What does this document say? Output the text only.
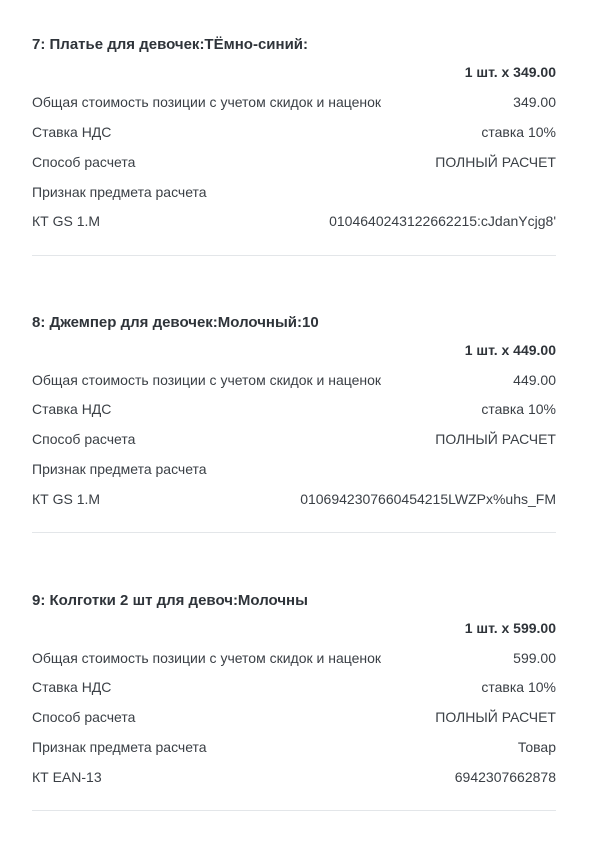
7: Платье для девочек:ТЁмно-синий:
1 шт. x 349.00
Общая стоимость позиции с учетом скидок и наценок	349.00
Ставка НДС	ставка 10%
Способ расчета	ПОЛНЫЙ РАСЧЕТ
Признак предмета расчета
КТ GS 1.M	0104640243122662215:cJdanYcjg8'
8: Джемпер для девочек:Молочный:10
1 шт. x 449.00
Общая стоимость позиции с учетом скидок и наценок	449.00
Ставка НДС	ставка 10%
Способ расчета	ПОЛНЫЙ РАСЧЕТ
Признак предмета расчета
КТ GS 1.M	0106942307660454215LWZPx%uhs_FM
9: Колготки 2 шт для девоч:Молочны
1 шт. x 599.00
Общая стоимость позиции с учетом скидок и наценок	599.00
Ставка НДС	ставка 10%
Способ расчета	ПОЛНЫЙ РАСЧЕТ
Признак предмета расчета	Товар
КТ EAN-13	6942307662878
